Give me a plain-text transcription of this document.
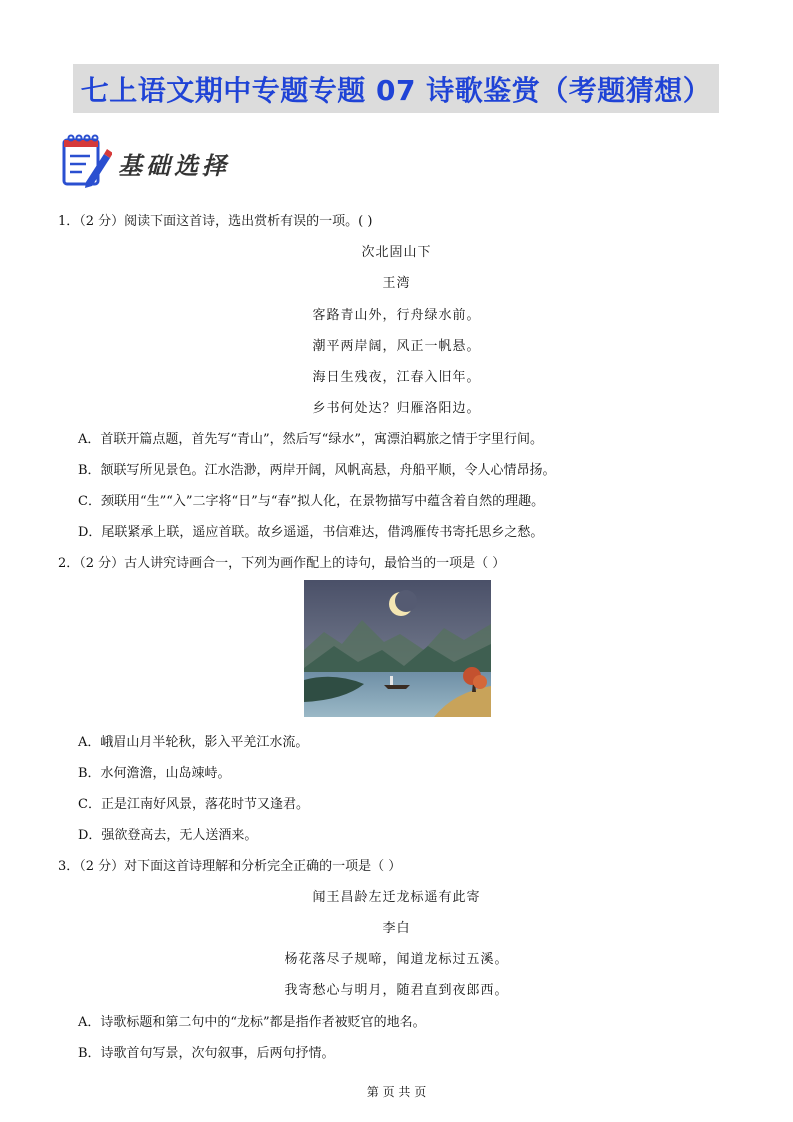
七上语文期中专题专题 07 诗歌鉴赏（考题猜想）
基础选择
1．（2 分）阅读下面这首诗，选出赏析有误的一项。( )
次北固山下
王湾
客路青山外，行舟绿水前。
潮平两岸阔，风正一帆悬。
海日生残夜，江春入旧年。
乡书何处达？归雁洛阳边。
A．首联开篇点题，首先写“青山”，然后写“绿水”，寓漂泊羁旅之情于字里行间。
B．颔联写所见景色。江水浩渺，两岸开阔，风帆高悬，舟船平顺，令人心情昂扬。
C．颈联用“生”“入”二字将“日”与“春”拟人化，在景物描写中蕴含着自然的理趣。
D．尾联紧承上联，遥应首联。故乡遥遥，书信难达，借鸿雁传书寄托思乡之愁。
2．（2 分）古人讲究诗画合一，下列为画作配上的诗句，最恰当的一项是（ ）
A．峨眉山月半轮秋，影入平羌江水流。
B．水何澹澹，山岛竦峙。
C．正是江南好风景，落花时节又逢君。
D．强欲登高去，无人送酒来。
3．（2 分）对下面这首诗理解和分析完全正确的一项是（ ）
闻王昌龄左迁龙标遥有此寄
李白
杨花落尽子规啼，闻道龙标过五溪。
我寄愁心与明月，随君直到夜郎西。
A．诗歌标题和第二句中的“龙标”都是指作者被贬官的地名。
B．诗歌首句写景，次句叙事，后两句抒情。
第 页 共 页
